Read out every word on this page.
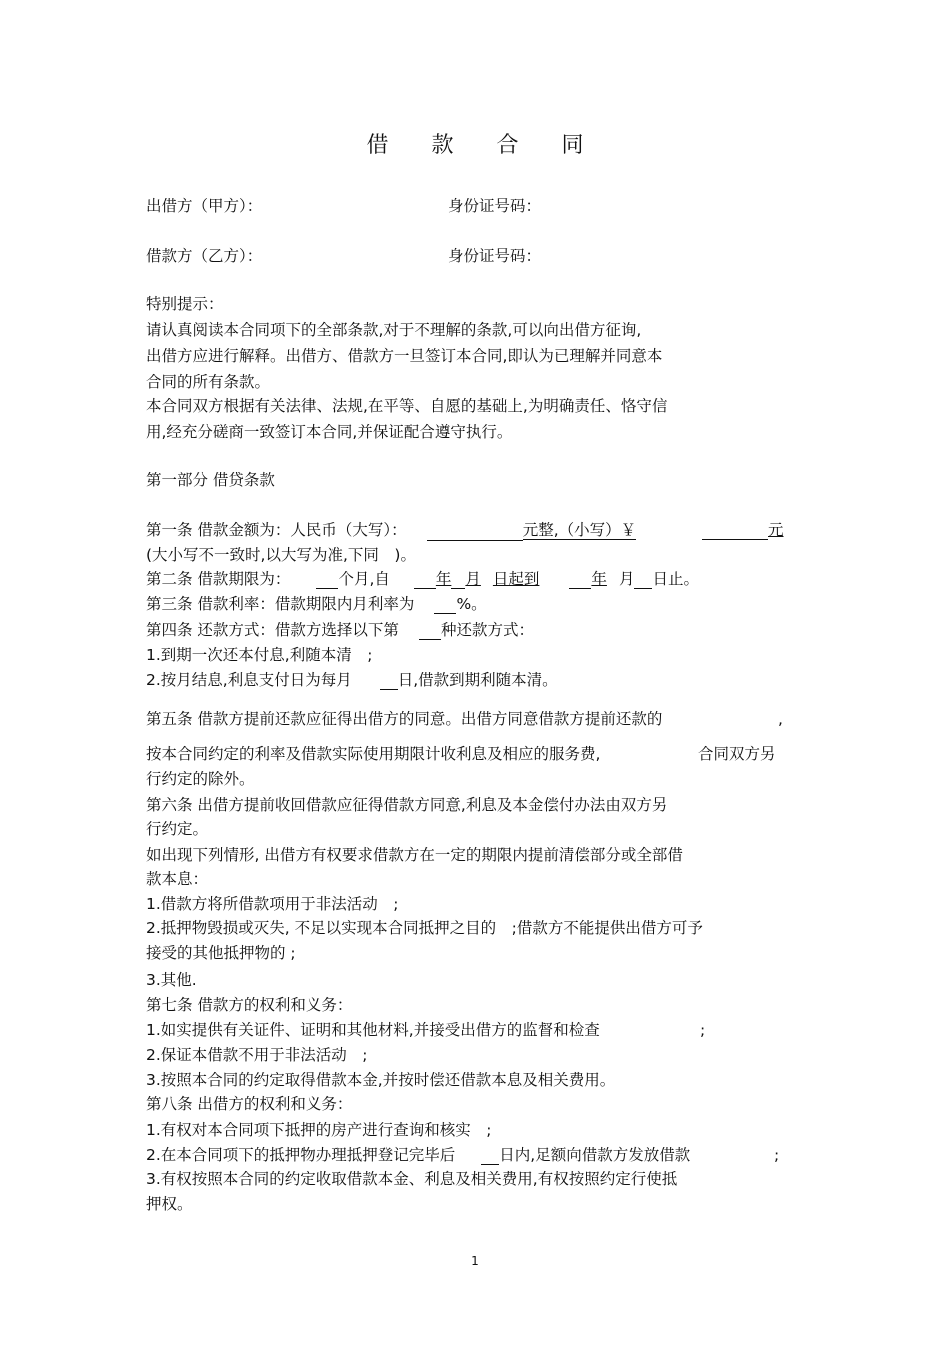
借 款 合 同
出借方（甲方）：	身份证号码：
借款方（乙方）：	身份证号码：
特别提示：
请认真阅读本合同项下的全部条款,对于不理解的条款,可以向出借方征询,
出借方应进行解释。出借方、借款方一旦签订本合同,即认为已理解并同意本
合同的所有条款。
本合同双方根据有关法律、法规,在平等、自愿的基础上,为明确责任、恪守信
用,经充分磋商一致签订本合同,并保证配合遵守执行。
第一部分 借贷条款
第一条 借款金额为：人民币（大写）：	元整,（小写）￥	元
(大小写不一致时,以大写为准,下同　)。
第二条 借款期限为：	个月,自	年 月 日起到	年 月 日止。
第三条 借款利率：借款期限内月利率为	%。
第四条 还款方式：借款方选择以下第	种还款方式：
1.到期一次还本付息,利随本清　;
2.按月结息,利息支付日为每月	日,借款到期利随本清。
第五条 借款方提前还款应征得出借方的同意。出借方同意借款方提前还款的	,
按本合同约定的利率及借款实际使用期限计收利息及相应的服务费,	合同双方另
行约定的除外。
第六条 出借方提前收回借款应征得借款方同意,利息及本金偿付办法由双方另
行约定。
如出现下列情形, 出借方有权要求借款方在一定的期限内提前清偿部分或全部借
款本息：
1.借款方将所借款项用于非法活动　;
2.抵押物毁损或灭失, 不足以实现本合同抵押之目的　;借款方不能提供出借方可予
接受的其他抵押物的 ;
3.其他.
第七条 借款方的权利和义务：
1.如实提供有关证件、证明和其他材料,并接受出借方的监督和检查	;
2.保证本借款不用于非法活动　;
3.按照本合同的约定取得借款本金,并按时偿还借款本息及相关费用。
第八条 出借方的权利和义务：
1.有权对本合同项下抵押的房产进行查询和核实　;
2.在本合同项下的抵押物办理抵押登记完毕后	日内,足额向借款方发放借款	;
3.有权按照本合同的约定收取借款本金、利息及相关费用,有权按照约定行使抵
押权。
1
